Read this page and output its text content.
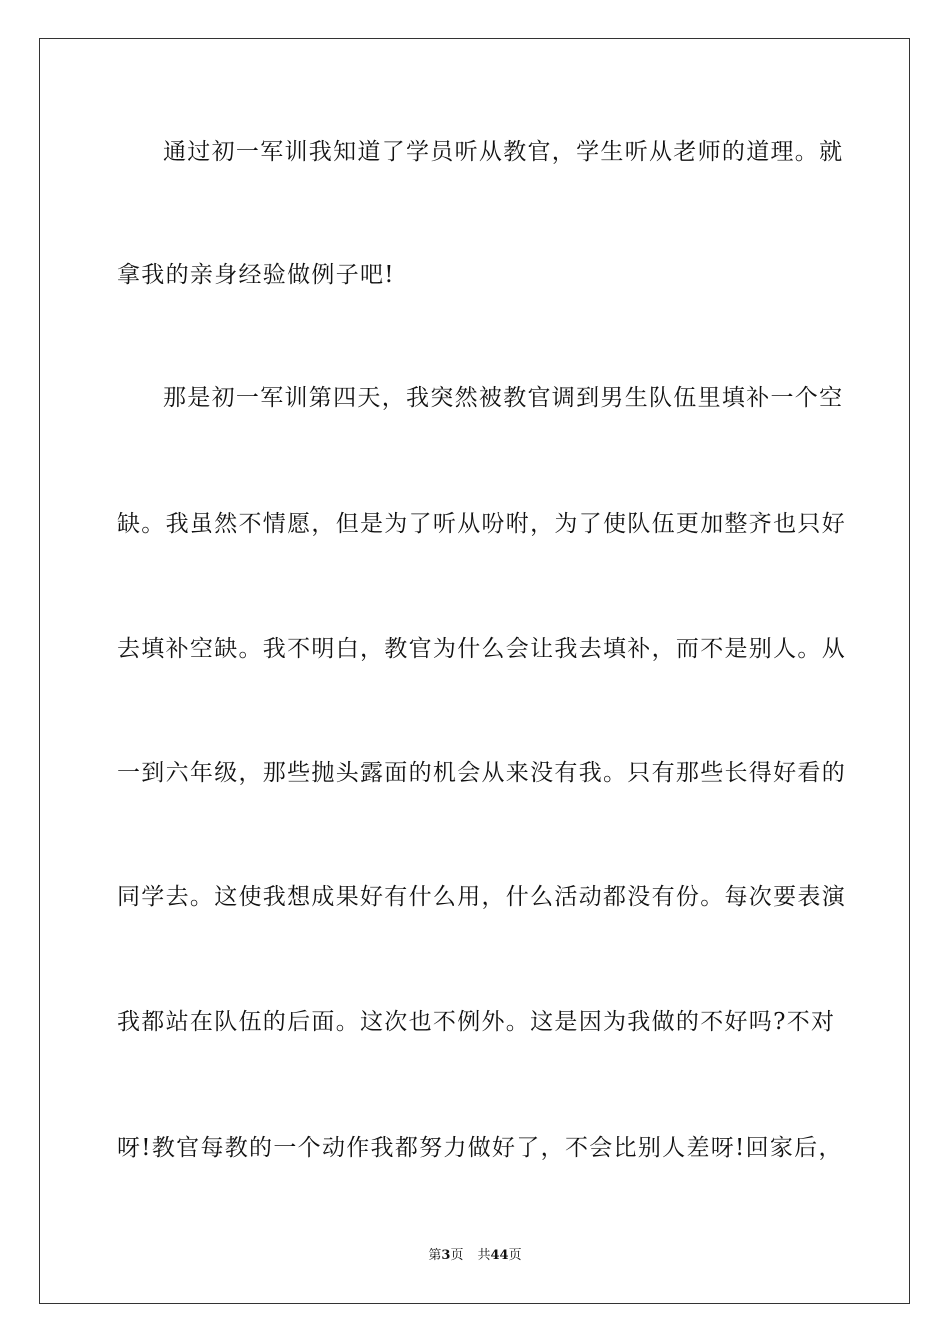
通过初一军训我知道了学员听从教官，学生听从老师的道理。就
拿我的亲身经验做例子吧!
那是初一军训第四天，我突然被教官调到男生队伍里填补一个空
缺。我虽然不情愿，但是为了听从吩咐，为了使队伍更加整齐也只好
去填补空缺。我不明白，教官为什么会让我去填补，而不是别人。从
一到六年级，那些抛头露面的机会从来没有我。只有那些长得好看的
同学去。这使我想成果好有什么用，什么活动都没有份。每次要表演
我都站在队伍的后面。这次也不例外。这是因为我做的不好吗?不对
呀!教官每教的一个动作我都努力做好了，不会比别人差呀!回家后，
第3页 共44页
